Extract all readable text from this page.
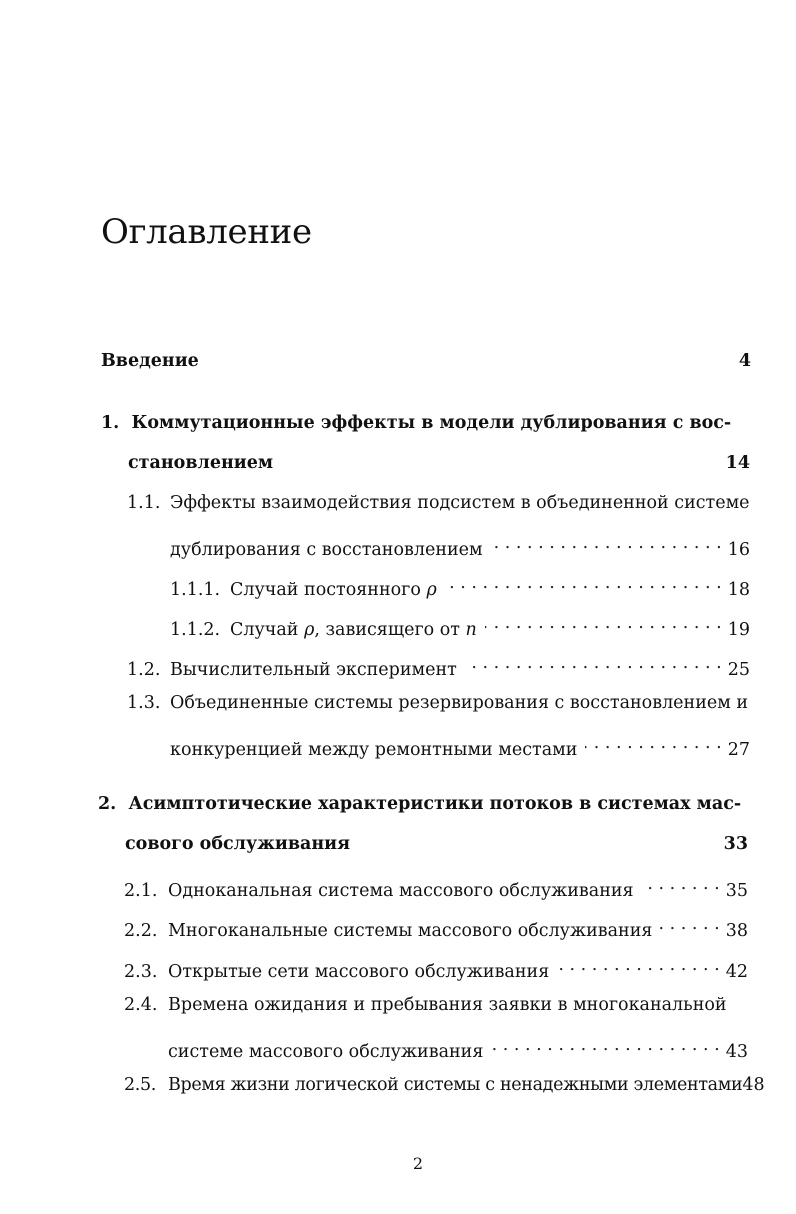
Оглавление
Введение	4
1. Коммутационные эффекты в модели дублирования с вос-
становлением	14
1.1. Эффекты взаимодействия подсистем в объединенной системе
дублирования с восстановлением . . .	16
1.1.1. Случай постоянного ρ . . .	18
1.1.2. Случай ρ, зависящего от n . . .	19
1.2. Вычислительный эксперимент . . .	25
1.3. Объединенные системы резервирования с восстановлением и
конкуренцией между ремонтными местами . . .	27
2. Асимптотические характеристики потоков в системах мас-
сового обслуживания	33
2.1. Одноканальная система массового обслуживания . . .	35
2.2. Многоканальные системы массового обслуживания . . .	38
2.3. Открытые сети массового обслуживания . . .	42
2.4. Времена ожидания и пребывания заявки в многоканальной
системе массового обслуживания . . .	43
2.5. Время жизни логической системы с ненадежными элементами 48
2
